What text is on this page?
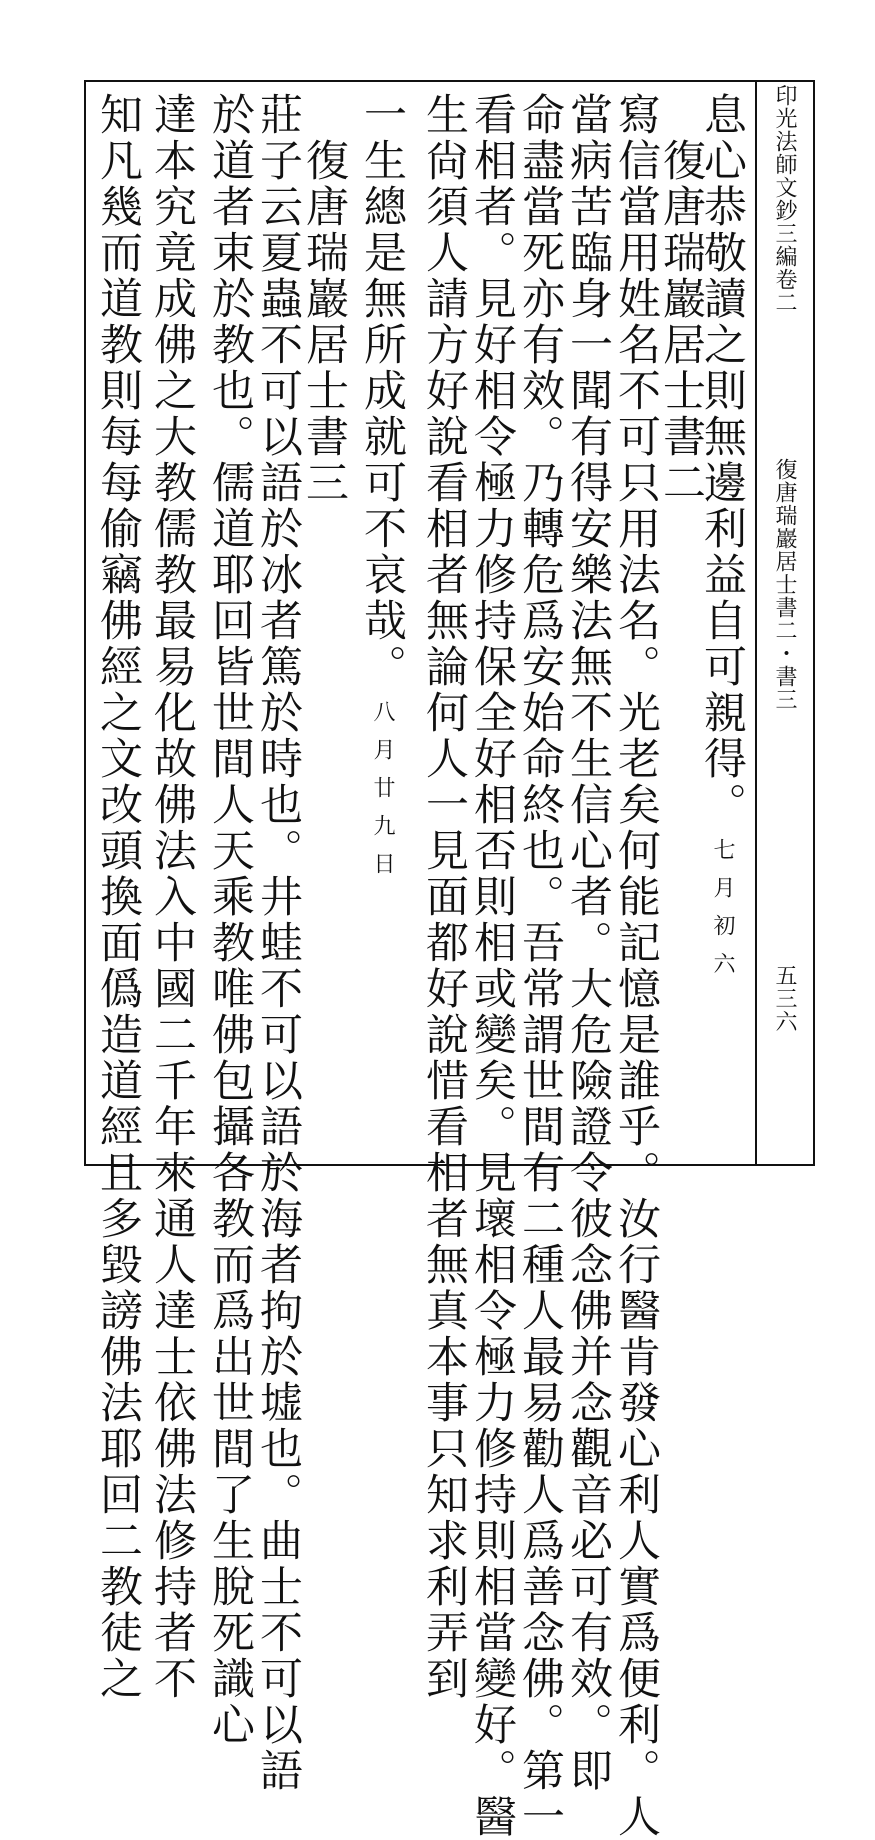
印光法師文鈔三編卷二
復唐瑞巖居士書二・書三
五三六
息心恭敬讀之則無邊利益自可親得。七月初六
　復唐瑞巖居士書二
寫信當用姓名不可只用法名。光老矣何能記憶是誰乎。汝行醫肯發心利人實爲便利。人
當病苦臨身一聞有得安樂法無不生信心者。大危險證令彼念佛并念觀音必可有效。即
命盡當死亦有效。乃轉危爲安始命終也。吾常謂世間有二種人最易勸人爲善念佛。第一
看相者。見好相令極力修持保全好相否則相或變矣。見壞相令極力修持則相當變好。醫
生尙須人請方好說看相者無論何人一見面都好說惜看相者無真本事只知求利弄到
一生總是無所成就可不哀哉。八月廿九日
　復唐瑞巖居士書三
莊子云夏蟲不可以語於冰者篤於時也。井蛙不可以語於海者拘於墟也。曲士不可以語
於道者束於教也。儒道耶回皆世間人天乘教唯佛包攝各教而爲出世間了生脫死識心
達本究竟成佛之大教儒教最易化故佛法入中國二千年來通人達士依佛法修持者不
知凡幾而道教則每每偷竊佛經之文改頭換面僞造道經且多毀謗佛法耶回二教徒之
